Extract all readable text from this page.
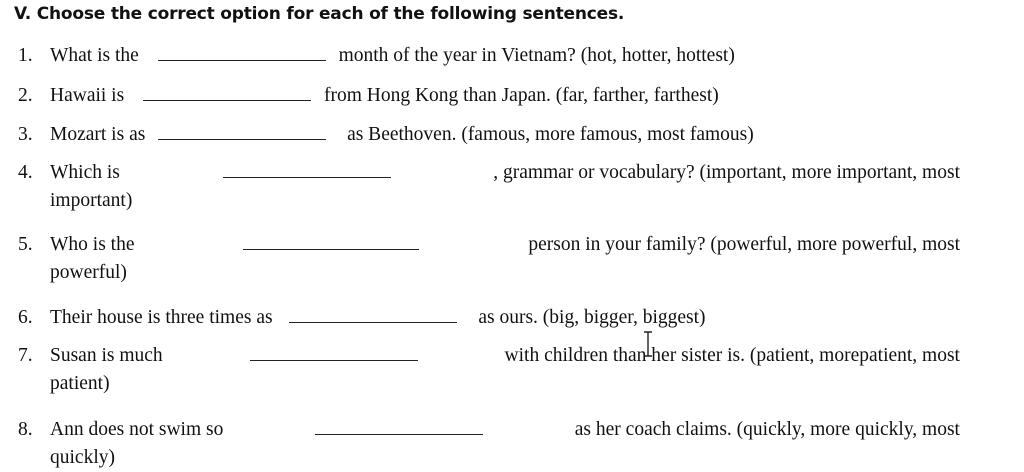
V. Choose the correct option for each of the following sentences.
1. What is the	month of the year in Vietnam? (hot, hotter, hottest)
2. Hawaii is	from Hong Kong than Japan. (far, farther, farthest)
3. Mozart is as	as Beethoven. (famous, more famous, most famous)
4. Which is	, grammar or vocabulary? (important, more important, most
important)
5. Who is the	person in your family? (powerful, more powerful, most
powerful)
6. Their house is three times as	as ours. (big, bigger, biggest)
7. Susan is much	with children than her sister is. (patient, morepatient, most
patient)
8. Ann does not swim so	as her coach claims. (quickly, more quickly, most
quickly)
